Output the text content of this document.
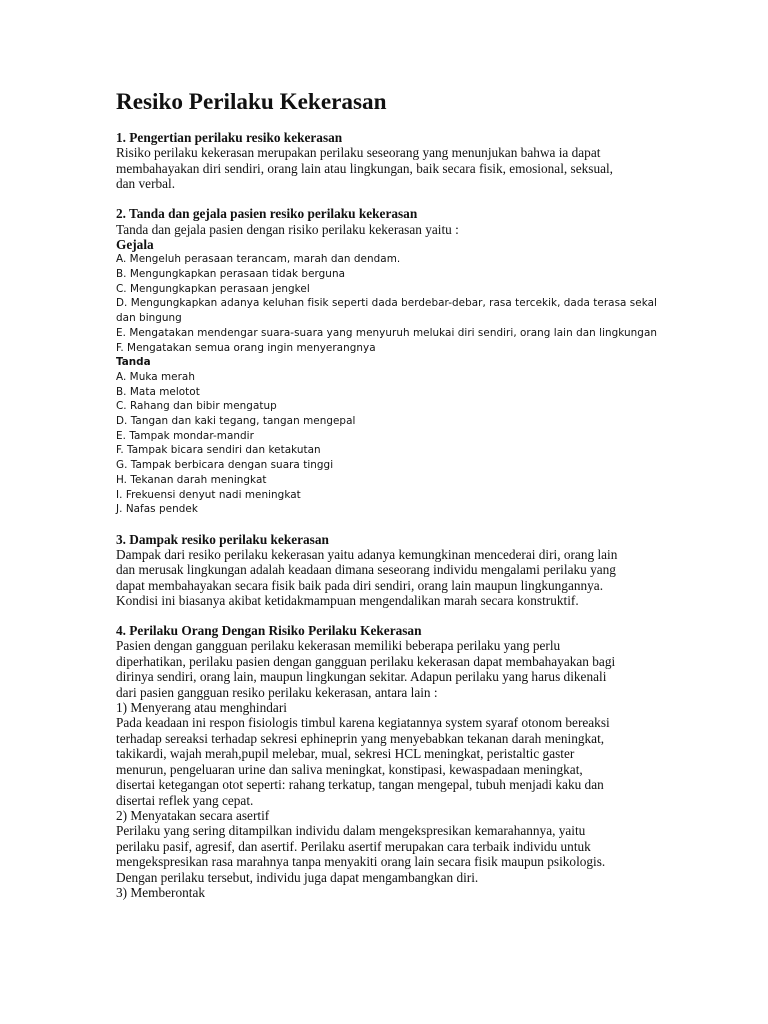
Resiko Perilaku Kekerasan
1. Pengertian perilaku resiko kekerasan
Risiko perilaku kekerasan merupakan perilaku seseorang yang menunjukan bahwa ia dapat
membahayakan diri sendiri, orang lain atau lingkungan, baik secara fisik, emosional, seksual,
dan verbal.
2. Tanda dan gejala pasien resiko perilaku kekerasan
Tanda dan gejala pasien dengan risiko perilaku kekerasan yaitu :
Gejala
A. Mengeluh perasaan terancam, marah dan dendam.
B. Mengungkapkan perasaan tidak berguna
C. Mengungkapkan perasaan jengkel
D. Mengungkapkan adanya keluhan fisik seperti dada berdebar-debar, rasa tercekik, dada terasa sekal
dan bingung
E. Mengatakan mendengar suara-suara yang menyuruh melukai diri sendiri, orang lain dan lingkungan
F. Mengatakan semua orang ingin menyerangnya
Tanda
A. Muka merah
B. Mata melotot
C. Rahang dan bibir mengatup
D. Tangan dan kaki tegang, tangan mengepal
E. Tampak mondar-mandir
F. Tampak bicara sendiri dan ketakutan
G. Tampak berbicara dengan suara tinggi
H. Tekanan darah meningkat
I. Frekuensi denyut nadi meningkat
J. Nafas pendek
3. Dampak resiko perilaku kekerasan
Dampak dari resiko perilaku kekerasan yaitu adanya kemungkinan mencederai diri, orang lain
dan merusak lingkungan adalah keadaan dimana seseorang individu mengalami perilaku yang
dapat membahayakan secara fisik baik pada diri sendiri, orang lain maupun lingkungannya.
Kondisi ini biasanya akibat ketidakmampuan mengendalikan marah secara konstruktif.
4. Perilaku Orang Dengan Risiko Perilaku Kekerasan
Pasien dengan gangguan perilaku kekerasan memiliki beberapa perilaku yang perlu
diperhatikan, perilaku pasien dengan gangguan perilaku kekerasan dapat membahayakan bagi
dirinya sendiri, orang lain, maupun lingkungan sekitar. Adapun perilaku yang harus dikenali
dari pasien gangguan resiko perilaku kekerasan, antara lain :
1) Menyerang atau menghindari
Pada keadaan ini respon fisiologis timbul karena kegiatannya system syaraf otonom bereaksi
terhadap sereaksi terhadap sekresi ephineprin yang menyebabkan tekanan darah meningkat,
takikardi, wajah merah,pupil melebar, mual, sekresi HCL meningkat, peristaltic gaster
menurun, pengeluaran urine dan saliva meningkat, konstipasi, kewaspadaan meningkat,
disertai ketegangan otot seperti: rahang terkatup, tangan mengepal, tubuh menjadi kaku dan
disertai reflek yang cepat.
2) Menyatakan secara asertif
Perilaku yang sering ditampilkan individu dalam mengekspresikan kemarahannya, yaitu
perilaku pasif, agresif, dan asertif. Perilaku asertif merupakan cara terbaik individu untuk
mengekspresikan rasa marahnya tanpa menyakiti orang lain secara fisik maupun psikologis.
Dengan perilaku tersebut, individu juga dapat mengambangkan diri.
3) Memberontak
